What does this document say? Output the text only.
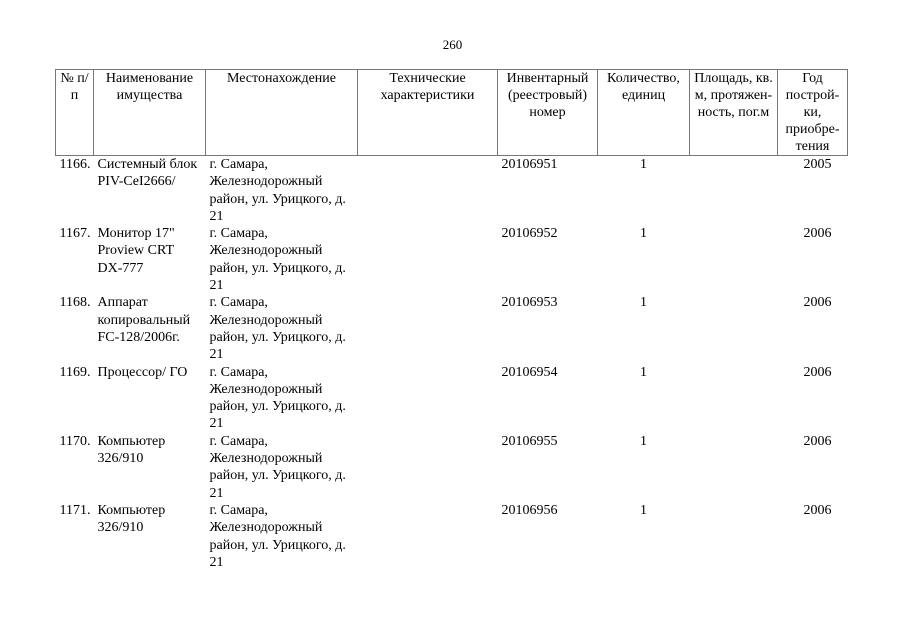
260
№ п/п	Наименование имущества	Местонахождение	Технические характеристики	Инвентарный (реестровый) номер	Количество, единиц	Площадь, кв. м, протяжен-ность, пог.м	Год построй-ки, приобре-тения
1166.	Системный блок PIV-CeI2666/	г. Самара, Железнодорожный район, ул. Урицкого, д. 21		20106951	1		2005
1167.	Монитор 17" Proview CRT DX-777	г. Самара, Железнодорожный район, ул. Урицкого, д. 21		20106952	1		2006
1168.	Аппарат копировальный FC-128/2006г.	г. Самара, Железнодорожный район, ул. Урицкого, д. 21		20106953	1		2006
1169.	Процессор/ ГО	г. Самара, Железнодорожный район, ул. Урицкого, д. 21		20106954	1		2006
1170.	Компьютер 326/910	г. Самара, Железнодорожный район, ул. Урицкого, д. 21		20106955	1		2006
1171.	Компьютер 326/910	г. Самара, Железнодорожный район, ул. Урицкого, д. 21		20106956	1		2006
